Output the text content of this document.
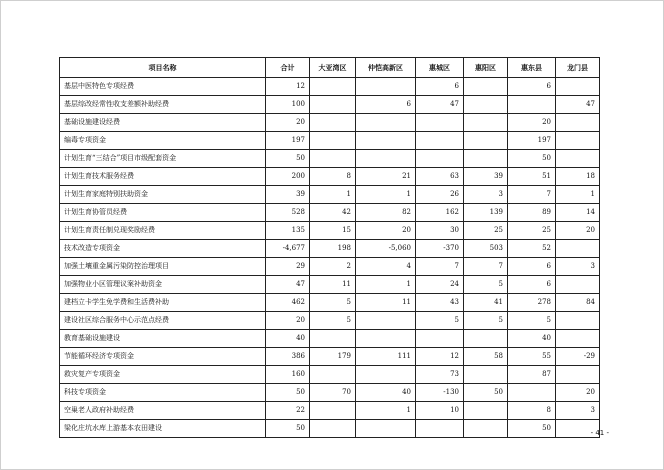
项目名称	合计	大亚湾区	仲恺高新区	惠城区	惠阳区	惠东县	龙门县
基层中医特色专项经费	12			6		6	
基层综改经常性收支差额补助经费	100		6	47			47
基础设施建设经费	20					20	
编毒专项资金	197					197	
计划生育“三结合”项目市级配套资金	50					50	
计划生育技术服务经费	200	8	21	63	39	51	18
计划生育家庭特别扶助资金	39	1	1	26	3	7	1
计划生育协管员经费	528	42	82	162	139	89	14
计划生育责任制兑现奖励经费	135	15	20	30	25	25	20
技术改造专项资金	-4,677	198	-5,060	-370	503	52	
加强土壤重金属污染防控治理项目	29	2	4	7	7	6	3
加强物业小区管理议案补助资金	47	11	1	24	5	6	
建档立卡学生免学费和生活费补助	462	5	11	43	41	278	84
建设社区综合服务中心示范点经费	20	5		5	5	5	
教育基础设施建设	40					40	
节能循环经济专项资金	386	179	111	12	58	55	-29
救灾复产专项资金	160			73		87	
科技专项资金	50	70	40	-130	50		20
空巢老人政府补助经费	22		1	10		8	3
梁化庄坑水库上游基本农田建设	50					50	
- 41 -
